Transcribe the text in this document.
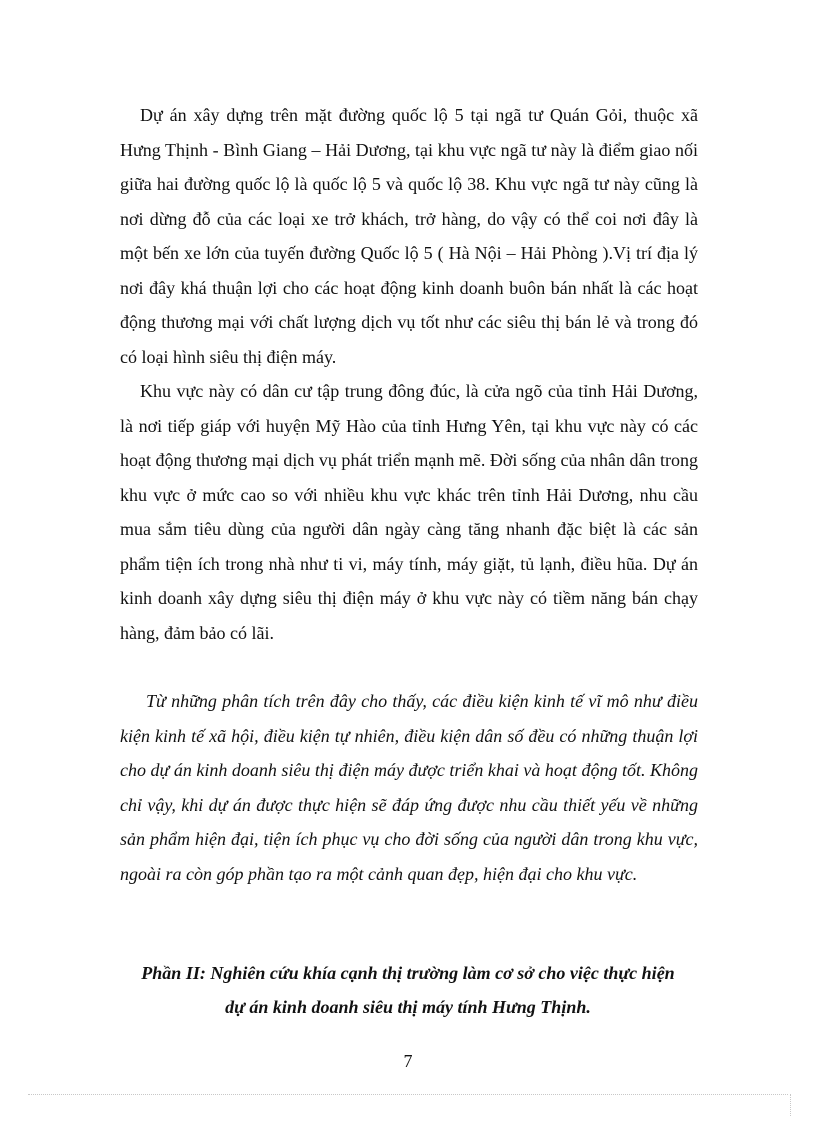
Dự án xây dựng trên mặt đường quốc lộ 5 tại ngã tư Quán Gỏi, thuộc xã Hưng Thịnh - Bình Giang – Hải Dương, tại khu vực ngã tư này là điểm giao nối giữa hai đường quốc lộ là quốc lộ 5 và quốc lộ 38. Khu vực ngã tư này cũng là nơi dừng đỗ của các loại xe trở khách, trở hàng, do vậy có thể coi nơi đây là một bến xe lớn của tuyến đường Quốc lộ 5 ( Hà Nội – Hải Phòng ).Vị trí địa lý nơi đây khá thuận lợi cho các hoạt động kinh doanh buôn bán nhất là các hoạt động thương mại với chất lượng dịch vụ tốt như các siêu thị bán lẻ và trong đó có loại hình siêu thị điện máy.

Khu vực này có dân cư tập trung đông đúc, là cửa ngõ của tỉnh Hải Dương, là nơi tiếp giáp với huyện Mỹ Hào của tỉnh Hưng Yên, tại khu vực này có các hoạt động thương mại dịch vụ phát triển mạnh mẽ. Đời sống của nhân dân trong khu vực ở mức cao so với nhiều khu vực khác trên tỉnh Hải Dương, nhu cầu mua sắm tiêu dùng của người dân ngày càng tăng nhanh đặc biệt là các sản phẩm tiện ích trong nhà như ti vi, máy tính, máy giặt, tủ lạnh, điều hũa. Dự án kinh doanh xây dựng siêu thị điện máy ở khu vực này có tiềm năng bán chạy hàng, đảm bảo có lãi.

Từ những phân tích trên đây cho thấy, các điều kiện kinh tế vĩ mô như điều kiện kinh tế xã hội, điều kiện tự nhiên, điều kiện dân số đều có những thuận lợi cho dự án kinh doanh siêu thị điện máy được triển khai và hoạt động tốt. Không chỉ vậy, khi dự án được thực hiện sẽ đáp ứng được nhu cầu thiết yếu về những sản phẩm hiện đại, tiện ích phục vụ cho đời sống của người dân trong khu vực, ngoài ra còn góp phần tạo ra một cảnh quan đẹp, hiện đại cho khu vực.

Phần II: Nghiên cứu khía cạnh thị trường làm cơ sở cho việc thực hiện
dự án kinh doanh siêu thị máy tính Hưng Thịnh.
7
